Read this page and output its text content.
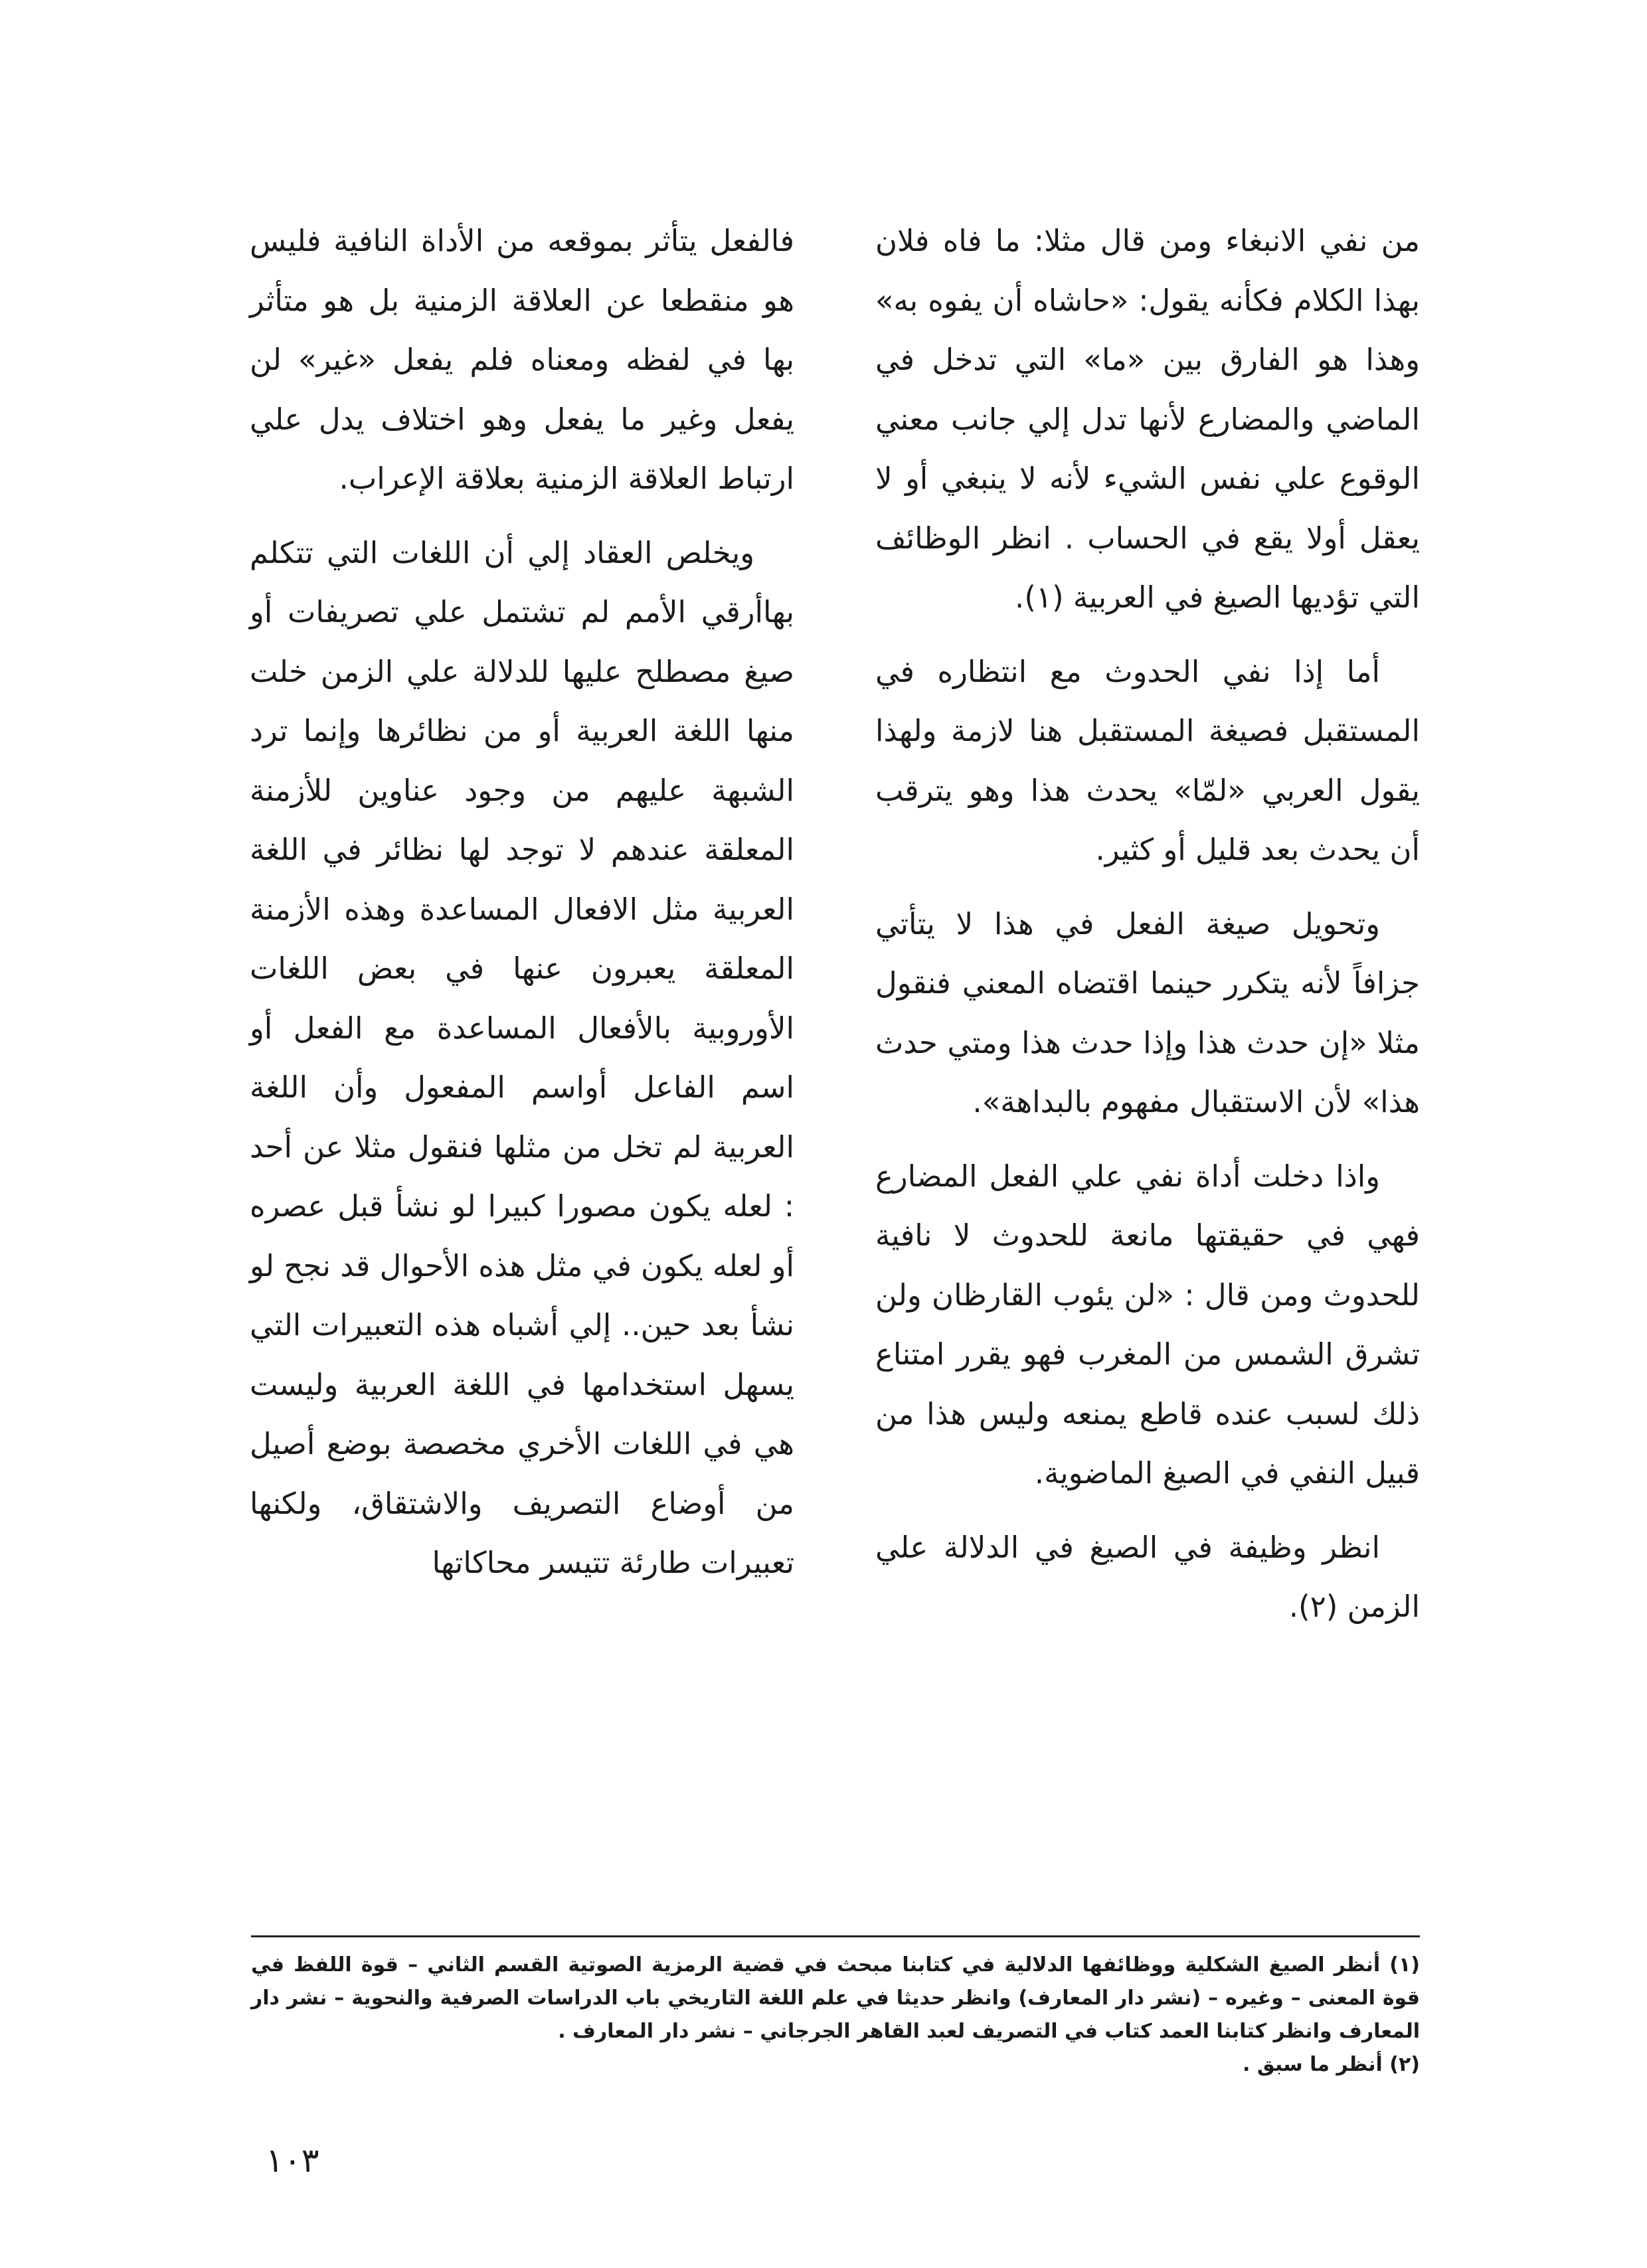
من نفي الانبغاء ومن قال مثلا: ما فاه فلان بهذا الكلام فكأنه يقول: «حاشاه أن يفوه به» وهذا هو الفارق بين «ما» التي تدخل في الماضي والمضارع لأنها تدل إلي جانب معني الوقوع علي نفس الشيء لأنه لا ينبغي أو لا يعقل أولا يقع في الحساب . انظر الوظائف التي تؤديها الصيغ في العربية (١).

أما إذا نفي الحدوث مع انتظاره في المستقبل فصيغة المستقبل هنا لازمة ولهذا يقول العربي «لمّا» يحدث هذا وهو يترقب أن يحدث بعد قليل أو كثير.

وتحويل صيغة الفعل في هذا لا يتأتي جزافاً لأنه يتكرر حينما اقتضاه المعني فنقول مثلا «إن حدث هذا وإذا حدث هذا ومتي حدث هذا» لأن الاستقبال مفهوم بالبداهة».

واذا دخلت أداة نفي علي الفعل المضارع فهي في حقيقتها مانعة للحدوث لا نافية للحدوث ومن قال : «لن يئوب القارظان ولن تشرق الشمس من المغرب فهو يقرر امتناع ذلك لسبب عنده قاطع يمنعه وليس هذا من قبيل النفي في الصيغ الماضوية.

انظر وظيفة في الصيغ في الدلالة علي الزمن (٢).

فالفعل يتأثر بموقعه من الأداة النافية فليس هو منقطعا عن العلاقة الزمنية بل هو متأثر بها في لفظه ومعناه فلم يفعل «غير» لن يفعل وغير ما يفعل وهو اختلاف يدل علي ارتباط العلاقة الزمنية بعلاقة الإعراب.

ويخلص العقاد إلي أن اللغات التي تتكلم بهاأرقي الأمم لم تشتمل علي تصريفات أو صيغ مصطلح عليها للدلالة علي الزمن خلت منها اللغة العربية أو من نظائرها وإنما ترد الشبهة عليهم من وجود عناوين للأزمنة المعلقة عندهم لا توجد لها نظائر في اللغة العربية مثل الافعال المساعدة وهذه الأزمنة المعلقة يعبرون عنها في بعض اللغات الأوروبية بالأفعال المساعدة مع الفعل أو اسم الفاعل أواسم المفعول وأن اللغة العربية لم تخل من مثلها فنقول مثلا عن أحد : لعله يكون مصورا كبيرا لو نشأ قبل عصره أو لعله يكون في مثل هذه الأحوال قد نجح لو نشأ بعد حين.. إلي أشباه هذه التعبيرات التي يسهل استخدامها في اللغة العربية وليست هي في اللغات الأخري مخصصة بوضع أصيل من أوضاع التصريف والاشتقاق، ولكنها تعبيرات طارئة تتيسر محاكاتها

(١) أنظر الصيغ الشكلية ووظائفها الدلالية في كتابنا مبحث في قضية الرمزية الصوتية القسم الثاني – قوة اللفظ في قوة المعنى – وغيره – (نشر دار المعارف) وانظر حديثا في علم اللغة التاريخي باب الدراسات الصرفية والنحوية – نشر دار المعارف وانظر كتابنا العمد كتاب في التصريف لعبد القاهر الجرجاني – نشر دار المعارف .

(٢) أنظر ما سبق .

١٠٣
